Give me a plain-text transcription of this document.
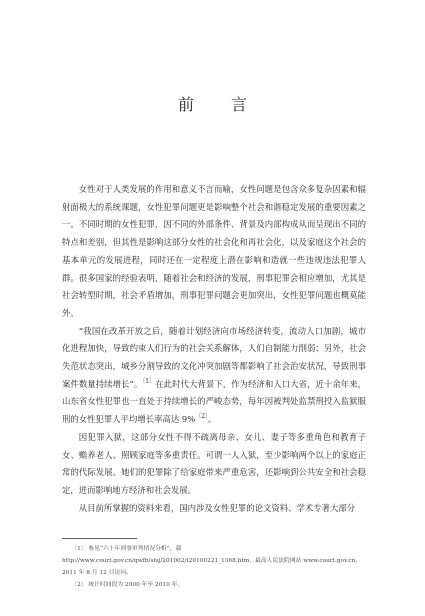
前 言

女性对于人类发展的作用和意义不言而喻，女性问题是包含众多复杂因素和辐射面极大的系统课题，女性犯罪问题更是影响整个社会和谐稳定发展的重要因素之一。不同时期的女性犯罪，因不同的外部条件、背景及内部构成从而呈现出不同的特点和差别，但其性是影响这部分女性的社会化和再社会化，以及家庭这个社会的基本单元的发展进程，同时还在一定程度上潜在影响和造就一些违规违法犯罪人群。很多国家的经验表明，随着社会和经济的发展，刑事犯罪会相应增加，尤其是社会转型时期，社会矛盾增加，刑事犯罪问题会更加突出，女性犯罪问题也概莫能外。

“我国在改革开放之后，随着计划经济向市场经济转变，流动人口加剧，城市化进程加快，导致约束人们行为的社会关系解体，人们自制能力削弱；另外，社会失范状态突出，城乡分割导致的文化冲突加剧等都影响了社会治安状况，导致刑事案件数量持续增长”。$^{〔1〕}$在此时代大背景下，作为经济和人口大省，近十余年来，山东省女性犯罪也一直处于持续增长的严峻态势，每年因被判处监禁刑投入监狱服刑的女性犯罪人平均增长率高达 9%$^{〔2〕}$。

因犯罪入狱，这部分女性不得不疏离母亲、女儿、妻子等多重角色和教育子女、赡养老人、照顾家庭等多重责任。可谓一人入狱，至少影响两个以上的家庭正常的代际发展。她们的犯罪除了给家庭带来严重危害，还影响到公共安全和社会稳定，进而影响地方经济和社会发展。

从目前所掌握的资料来看，国内涉及女性犯罪的论文资料、学术专著大部分

〔1〕 参见“六十年刑事审判情况分析”，载 http://www.court.gov.cn/qwfb/sfsj/201002/t20100221_1368.htm，最高人民法院网站 www.court.gov.cn，2011 年 8 月 12 日访问。

〔2〕 统计时间段为 2000 年至 2010 年。
